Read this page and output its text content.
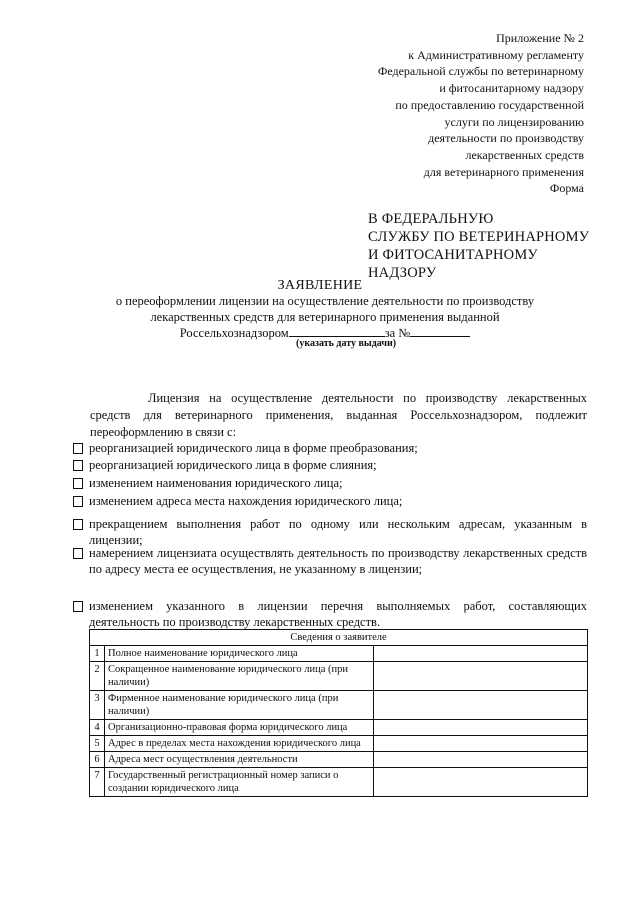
Приложение № 2
к Административному регламенту
Федеральной службы по ветеринарному
и фитосанитарному надзору
по предоставлению государственной
услуги по лицензированию
деятельности по производству
лекарственных средств
для ветеринарного применения
Форма
В ФЕДЕРАЛЬНУЮ
СЛУЖБУ ПО ВЕТЕРИНАРНОМУ
И ФИТОСАНИТАРНОМУ
НАДЗОРУ
ЗАЯВЛЕНИЕ
о переоформлении лицензии на осуществление деятельности по производству
лекарственных средств для ветеринарного применения выданной
Россельхознадзором	за №
(указать дату выдачи)
Лицензия на осуществление деятельности по производству лекарственных средств для ветеринарного применения, выданная Россельхознадзором, подлежит переоформлению в связи с:
реорганизацией юридического лица в форме преобразования;
реорганизацией юридического лица в форме слияния;
изменением наименования юридического лица;
изменением адреса места нахождения юридического лица;
прекращением выполнения работ по одному или нескольким адресам, указанным в лицензии;
намерением лицензиата осуществлять деятельность по производству лекарственных средств по адресу места ее осуществления, не указанному в лицензии;
изменением указанного в лицензии перечня выполняемых работ, составляющих деятельность по производству лекарственных средств.
Сведения о заявителе		
1	Полное наименование юридического лица	
2	Сокращенное наименование юридического лица (при наличии)	
3	Фирменное наименование юридического лица (при наличии)	
4	Организационно-правовая форма юридического лица	
5	Адрес в пределах места нахождения юридического лица	
6	Адреса мест осуществления деятельности	
7	Государственный регистрационный номер записи о создании юридического лица	
